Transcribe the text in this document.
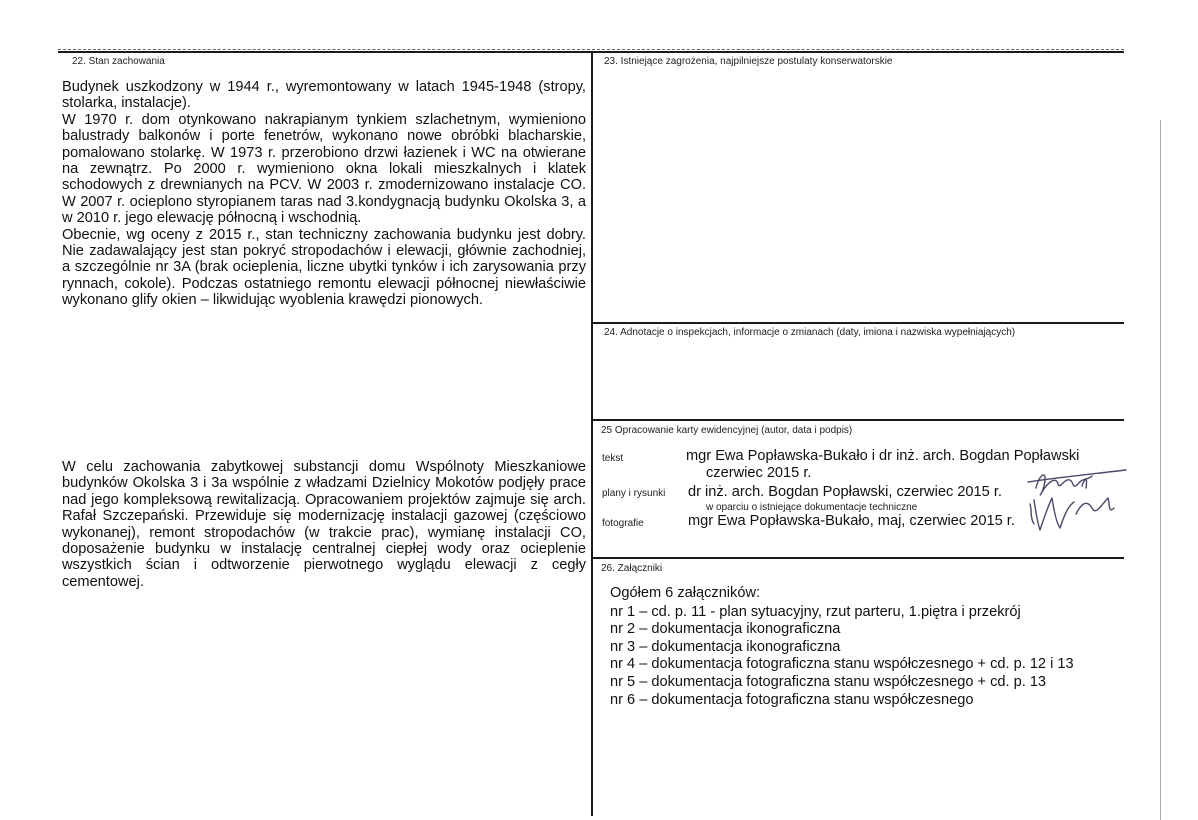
22. Stan zachowania

Budynek uszkodzony w 1944 r., wyremontowany w latach 1945-1948 (stropy, stolarka, instalacje).

W 1970 r. dom otynkowano nakrapianym tynkiem szlachetnym, wymieniono balustrady balkonów i porte fenetrów, wykonano nowe obróbki blacharskie, pomalowano stolarkę. W 1973 r. przerobiono drzwi łazienek i WC na otwierane na zewnątrz. Po 2000 r. wymieniono okna lokali mieszkalnych i klatek schodowych z drewnianych na PCV. W 2003 r. zmodernizowano instalacje CO. W 2007 r. ocieplono styropianem taras nad 3.kondygnacją budynku Okolska 3, a w 2010 r. jego elewację północną i wschodnią.

Obecnie, wg oceny z 2015 r., stan techniczny zachowania budynku jest dobry. Nie zadawalający jest stan pokryć stropodachów i elewacji, głównie zachodniej, a szczególnie nr 3A (brak ocieplenia, liczne ubytki tynków i ich zarysowania przy rynnach, cokole). Podczas ostatniego remontu elewacji północnej niewłaściwie wykonano glify okien – likwidując wyoblenia krawędzi pionowych.

W celu zachowania zabytkowej substancji domu Wspólnoty Mieszkaniowe budynków Okolska 3 i 3a wspólnie z władzami Dzielnicy Mokotów podjęły prace nad jego kompleksową rewitalizacją. Opracowaniem projektów zajmuje się arch. Rafał Szczepański. Przewiduje się modernizację instalacji gazowej (częściowo wykonanej), remont stropodachów (w trakcie prac), wymianę instalacji CO, doposażenie budynku w instalację centralnej ciepłej wody oraz ocieplenie wszystkich ścian i odtworzenie pierwotnego wyglądu elewacji z cegły cementowej.
23. Istniejące zagrożenia, najpilniejsze postulaty konserwatorskie
24. Adnotacje o inspekcjach, informacje o zmianach (daty, imiona i nazwiska wypełniających)
25 Opracowanie karty ewidencyjnej (autor, data i podpis)
tekst	mgr Ewa Popławska-Bukało i dr inż. arch. Bogdan Popławski
czerwiec 2015 r.
plany i rysunki dr inż. arch. Bogdan Popławski, czerwiec 2015 r.
w oparciu o istniejące dokumentacje techniczne
fotografie	mgr Ewa Popławska-Bukało, maj, czerwiec 2015 r.
26. Załączniki
Ogółem 6 załączników:
nr 1 – cd. p. 11 - plan sytuacyjny, rzut parteru, 1.piętra i przekrój
nr 2 – dokumentacja ikonograficzna
nr 3 – dokumentacja ikonograficzna
nr 4 – dokumentacja fotograficzna stanu współczesnego + cd. p. 12 i 13
nr 5 – dokumentacja fotograficzna stanu współczesnego + cd. p. 13
nr 6 – dokumentacja fotograficzna stanu współczesnego
